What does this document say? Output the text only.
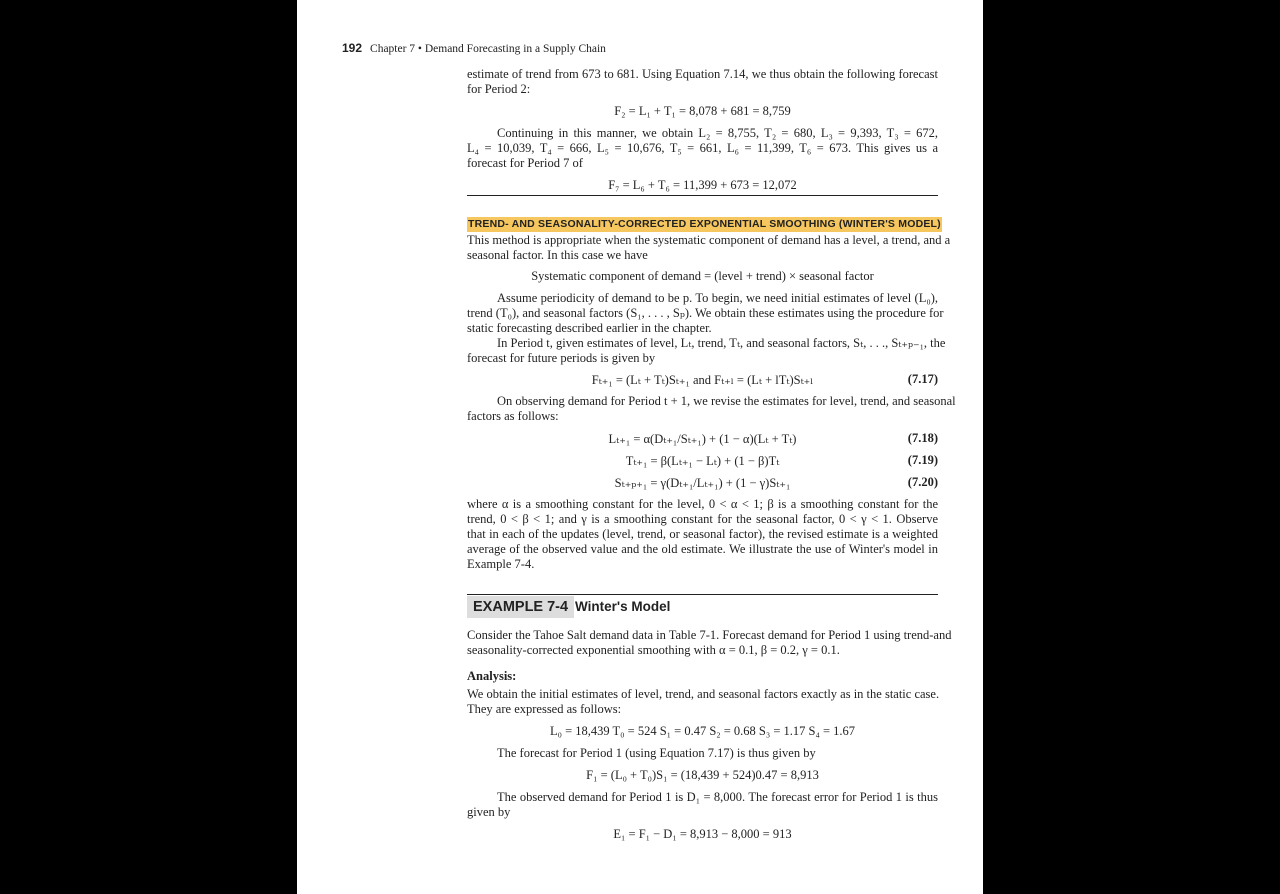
192 Chapter 7 • Demand Forecasting in a Supply Chain
estimate of trend from 673 to 681. Using Equation 7.14, we thus obtain the following forecast
for Period 2:
F₂ = L₁ + T₁ = 8,078 + 681 = 8,759
Continuing in this manner, we obtain L₂ = 8,755, T₂ = 680, L₃ = 9,393, T₃ = 672,
L₄ = 10,039, T₄ = 666, L₅ = 10,676, T₅ = 661, L₆ = 11,399, T₆ = 673. This gives us a
forecast for Period 7 of
F₇ = L₆ + T₆ = 11,399 + 673 = 12,072
TREND- AND SEASONALITY-CORRECTED EXPONENTIAL SMOOTHING (WINTER'S MODEL)
This method is appropriate when the systematic component of demand has a level, a trend, and a
seasonal factor. In this case we have
Systematic component of demand = (level + trend) × seasonal factor
Assume periodicity of demand to be p. To begin, we need initial estimates of level (L₀),
trend (T₀), and seasonal factors (S₁, . . . , Sₚ). We obtain these estimates using the procedure for
static forecasting described earlier in the chapter.
In Period t, given estimates of level, Lₜ, trend, Tₜ, and seasonal factors, Sₜ, . . ., Sₜ₊ₚ₋₁, the
forecast for future periods is given by
Fₜ₊₁ = (Lₜ + Tₜ)Sₜ₊₁ and Fₜ₊ₗ = (Lₜ + lTₜ)Sₜ₊ₗ	(7.17)
On observing demand for Period t + 1, we revise the estimates for level, trend, and seasonal
factors as follows:
Lₜ₊₁ = α(Dₜ₊₁/Sₜ₊₁) + (1 − α)(Lₜ + Tₜ)	(7.18)
Tₜ₊₁ = β(Lₜ₊₁ − Lₜ) + (1 − β)Tₜ	(7.19)
Sₜ₊ₚ₊₁ = γ(Dₜ₊₁/Lₜ₊₁) + (1 − γ)Sₜ₊₁	(7.20)
where α is a smoothing constant for the level, 0 < α < 1; β is a smoothing constant for the
trend, 0 < β < 1; and γ is a smoothing constant for the seasonal factor, 0 < γ < 1. Observe
that in each of the updates (level, trend, or seasonal factor), the revised estimate is a weighted
average of the observed value and the old estimate. We illustrate the use of Winter's model in
Example 7-4.
EXAMPLE 7-4 Winter's Model
Consider the Tahoe Salt demand data in Table 7-1. Forecast demand for Period 1 using trend-and
seasonality-corrected exponential smoothing with α = 0.1, β = 0.2, γ = 0.1.
Analysis:
We obtain the initial estimates of level, trend, and seasonal factors exactly as in the static case.
They are expressed as follows:
L₀ = 18,439 T₀ = 524 S₁ = 0.47 S₂ = 0.68 S₃ = 1.17 S₄ = 1.67
The forecast for Period 1 (using Equation 7.17) is thus given by
F₁ = (L₀ + T₀)S₁ = (18,439 + 524)0.47 = 8,913
The observed demand for Period 1 is D₁ = 8,000. The forecast error for Period 1 is thus
given by
E₁ = F₁ − D₁ = 8,913 − 8,000 = 913
